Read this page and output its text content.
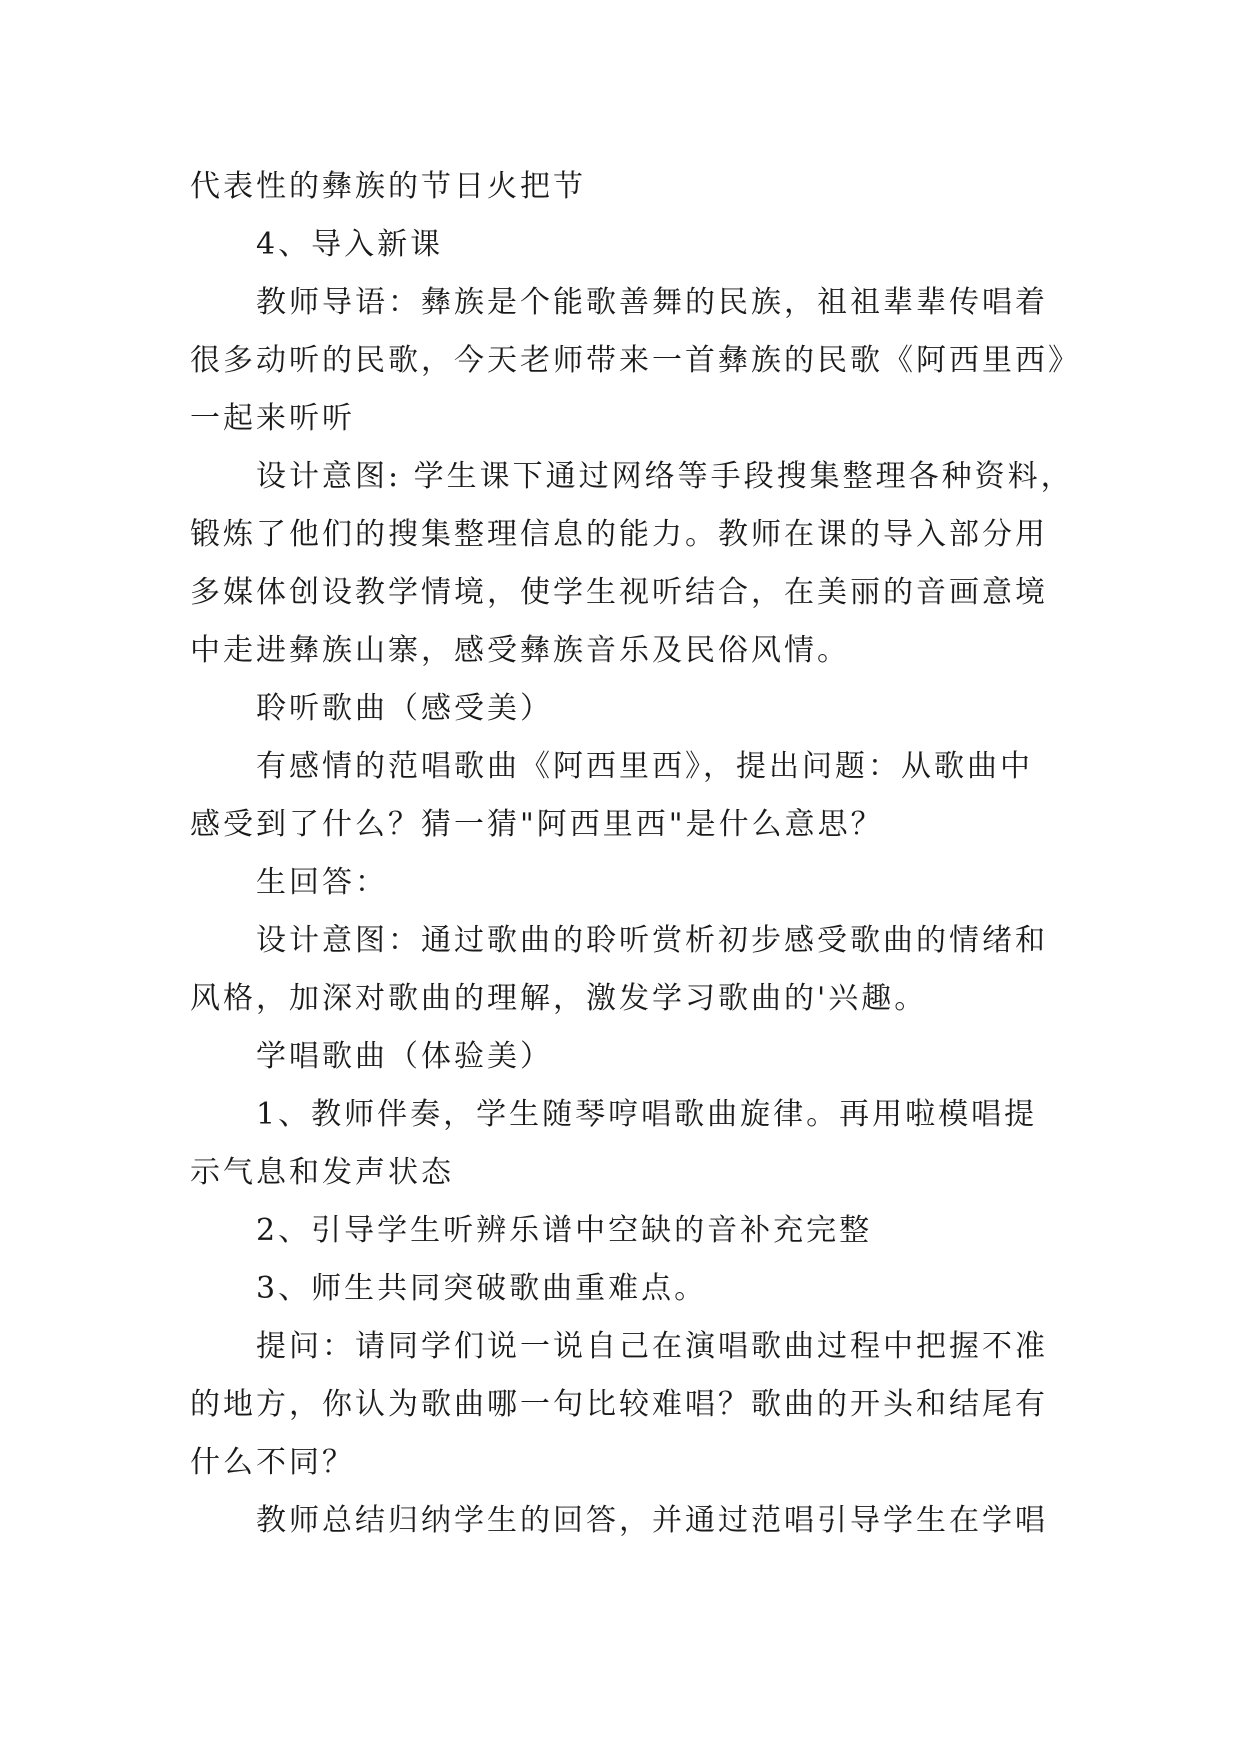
代表性的彝族的节日火把节
4、导入新课
教师导语：彝族是个能歌善舞的民族，祖祖辈辈传唱着
很多动听的民歌，今天老师带来一首彝族的民歌《阿西里西》
一起来听听
设计意图: 学生课下通过网络等手段搜集整理各种资料，
锻炼了他们的搜集整理信息的能力。教师在课的导入部分用
多媒体创设教学情境，使学生视听结合，在美丽的音画意境
中走进彝族山寨，感受彝族音乐及民俗风情。
聆听歌曲（感受美）
有感情的范唱歌曲《阿西里西》，提出问题：从歌曲中
感受到了什么？猜一猜"阿西里西"是什么意思？
生回答：
设计意图：通过歌曲的聆听赏析初步感受歌曲的情绪和
风格，加深对歌曲的理解，激发学习歌曲的'兴趣。
学唱歌曲（体验美）
1、教师伴奏，学生随琴哼唱歌曲旋律。再用啦模唱提
示气息和发声状态
2、引导学生听辨乐谱中空缺的音补充完整
3、师生共同突破歌曲重难点。
提问：请同学们说一说自己在演唱歌曲过程中把握不准
的地方，你认为歌曲哪一句比较难唱？歌曲的开头和结尾有
什么不同？
教师总结归纳学生的回答，并通过范唱引导学生在学唱
